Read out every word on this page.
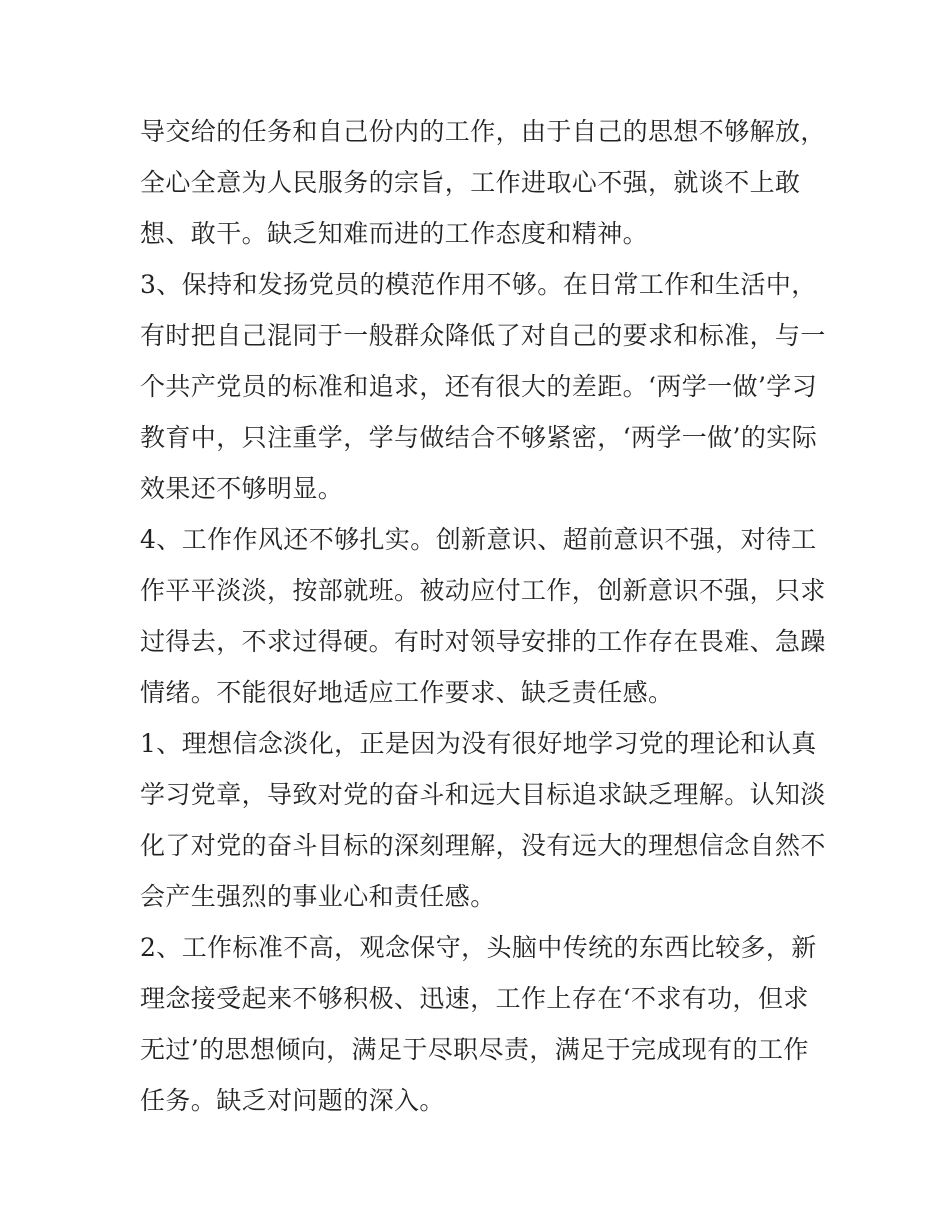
导交给的任务和自己份内的工作，由于自己的思想不够解放，
全心全意为人民服务的宗旨，工作进取心不强，就谈不上敢
想、敢干。缺乏知难而进的工作态度和精神。
3、保持和发扬党员的模范作用不够。在日常工作和生活中，
有时把自己混同于一般群众降低了对自己的要求和标准，与一
个共产党员的标准和追求，还有很大的差距。‘两学一做’学习
教育中，只注重学，学与做结合不够紧密，‘两学一做’的实际
效果还不够明显。
4、工作作风还不够扎实。创新意识、超前意识不强，对待工
作平平淡淡，按部就班。被动应付工作，创新意识不强，只求
过得去，不求过得硬。有时对领导安排的工作存在畏难、急躁
情绪。不能很好地适应工作要求、缺乏责任感。
1、理想信念淡化，正是因为没有很好地学习党的理论和认真
学习党章，导致对党的奋斗和远大目标追求缺乏理解。认知淡
化了对党的奋斗目标的深刻理解，没有远大的理想信念自然不
会产生强烈的事业心和责任感。
2、工作标准不高，观念保守，头脑中传统的东西比较多，新
理念接受起来不够积极、迅速，工作上存在‘不求有功，但求
无过’的思想倾向，满足于尽职尽责，满足于完成现有的工作
任务。缺乏对问题的深入。
